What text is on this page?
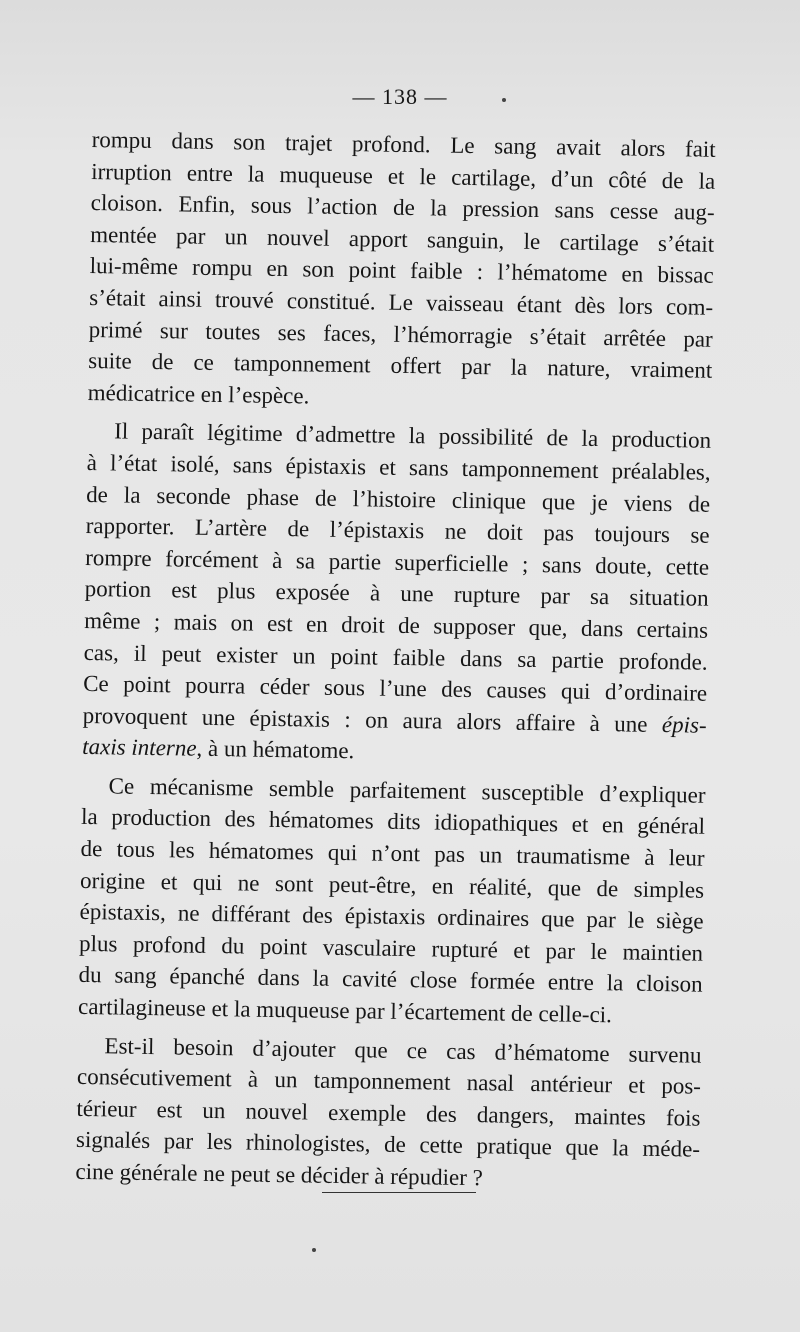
— 138 —
rompu dans son trajet profond. Le sang avait alors fait
irruption entre la muqueuse et le cartilage, d’un côté de la
cloison. Enfin, sous l’action de la pression sans cesse aug-
mentée par un nouvel apport sanguin, le cartilage s’était
lui-même rompu en son point faible : l’hématome en bissac
s’était ainsi trouvé constitué. Le vaisseau étant dès lors com-
primé sur toutes ses faces, l’hémorragie s’était arrêtée par
suite de ce tamponnement offert par la nature, vraiment
médicatrice en l’espèce.
Il paraît légitime d’admettre la possibilité de la production
à l’état isolé, sans épistaxis et sans tamponnement préalables,
de la seconde phase de l’histoire clinique que je viens de
rapporter. L’artère de l’épistaxis ne doit pas toujours se
rompre forcément à sa partie superficielle ; sans doute, cette
portion est plus exposée à une rupture par sa situation
même ; mais on est en droit de supposer que, dans certains
cas, il peut exister un point faible dans sa partie profonde.
Ce point pourra céder sous l’une des causes qui d’ordinaire
provoquent une épistaxis : on aura alors affaire à une épis-
taxis interne, à un hématome.
Ce mécanisme semble parfaitement susceptible d’expliquer
la production des hématomes dits idiopathiques et en général
de tous les hématomes qui n’ont pas un traumatisme à leur
origine et qui ne sont peut-être, en réalité, que de simples
épistaxis, ne différant des épistaxis ordinaires que par le siège
plus profond du point vasculaire rupturé et par le maintien
du sang épanché dans la cavité close formée entre la cloison
cartilagineuse et la muqueuse par l’écartement de celle-ci.
Est-il besoin d’ajouter que ce cas d’hématome survenu
consécutivement à un tamponnement nasal antérieur et pos-
térieur est un nouvel exemple des dangers, maintes fois
signalés par les rhinologistes, de cette pratique que la méde-
cine générale ne peut se décider à répudier ?
